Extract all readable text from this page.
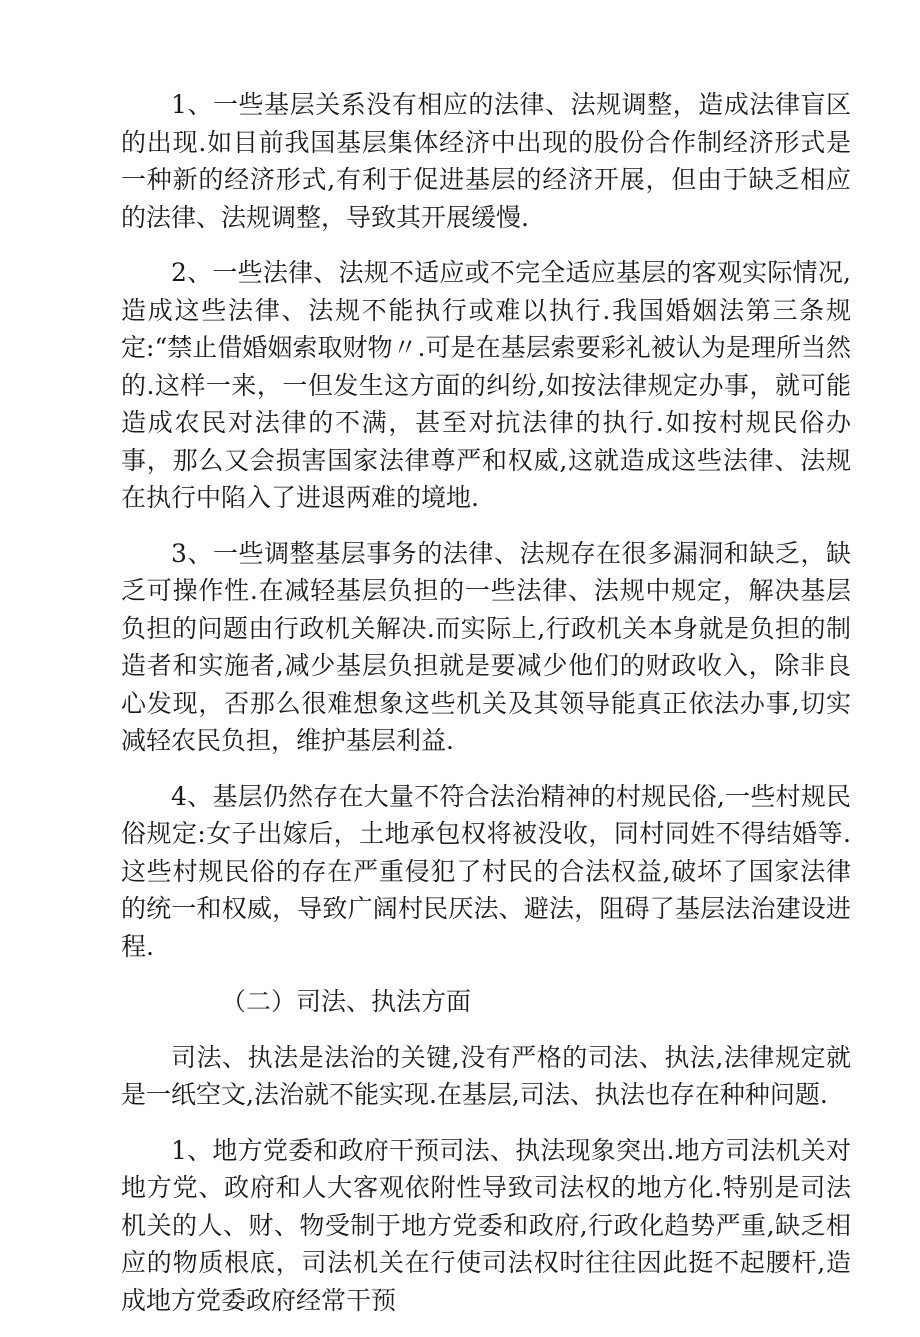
1、一些基层关系没有相应的法律、法规调整，造成法律盲区的出现.如目前我国基层集体经济中出现的股份合作制经济形式是一种新的经济形式,有利于促进基层的经济开展，但由于缺乏相应的法律、法规调整，导致其开展缓慢.

2、一些法律、法规不适应或不完全适应基层的客观实际情况,造成这些法律、法规不能执行或难以执行.我国婚姻法第三条规定:“禁止借婚姻索取财物〃.可是在基层索要彩礼被认为是理所当然的.这样一来，一但发生这方面的纠纷,如按法律规定办事，就可能造成农民对法律的不满，甚至对抗法律的执行.如按村规民俗办事，那么又会损害国家法律尊严和权威,这就造成这些法律、法规在执行中陷入了进退两难的境地.

3、一些调整基层事务的法律、法规存在很多漏洞和缺乏，缺乏可操作性.在减轻基层负担的一些法律、法规中规定，解决基层负担的问题由行政机关解决.而实际上,行政机关本身就是负担的制造者和实施者,减少基层负担就是要减少他们的财政收入，除非良心发现，否那么很难想象这些机关及其领导能真正依法办事,切实减轻农民负担，维护基层利益.

4、基层仍然存在大量不符合法治精神的村规民俗,一些村规民俗规定:女子出嫁后，土地承包权将被没收，同村同姓不得结婚等.这些村规民俗的存在严重侵犯了村民的合法权益,破坏了国家法律的统一和权威，导致广阔村民厌法、避法，阻碍了基层法治建设进程.

（二）司法、执法方面

司法、执法是法治的关键,没有严格的司法、执法,法律规定就是一纸空文,法治就不能实现.在基层,司法、执法也存在种种问题.

1、地方党委和政府干预司法、执法现象突出.地方司法机关对地方党、政府和人大客观依附性导致司法权的地方化.特别是司法机关的人、财、物受制于地方党委和政府,行政化趋势严重,缺乏相应的物质根底，司法机关在行使司法权时往往因此挺不起腰杆,造成地方党委政府经常干预
